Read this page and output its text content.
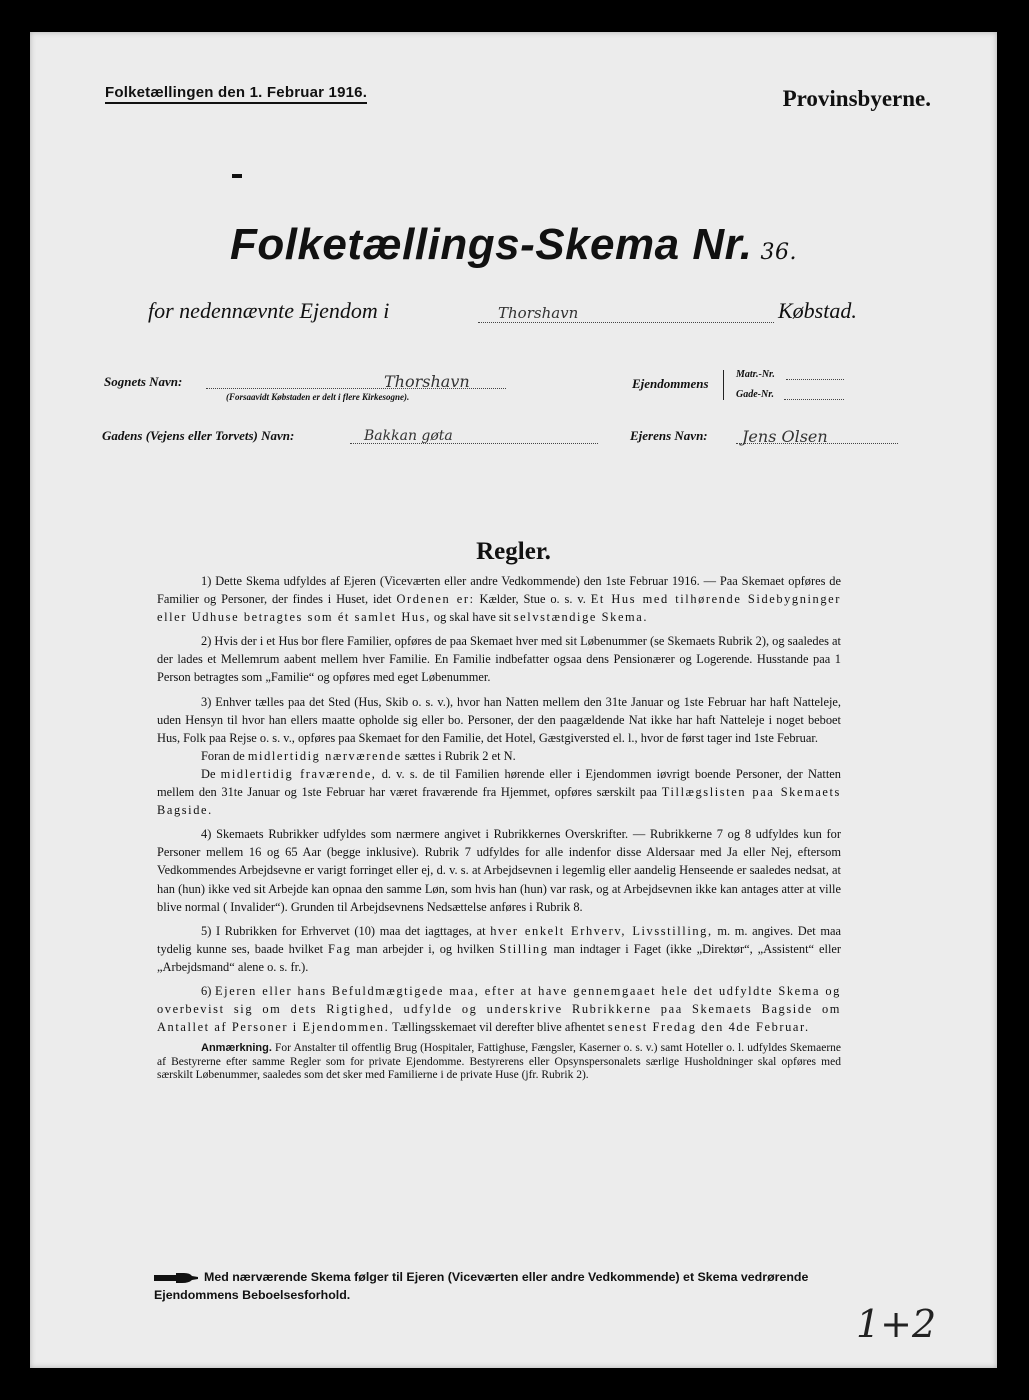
Folketællingen den 1. Februar 1916.	Provinsbyerne.
Folketællings-Skema Nr. 36.
for nedennævnte Ejendom i	Thorshavn	Købstad.
Sognets Navn:	Thorshavn
(Forsaavidt Købstaden er delt i flere Kirkesogne).
Ejendommens
Matr.-Nr.
Gade-Nr.
Gadens (Vejens eller Torvets) Navn:	Bakkan gøta	Ejerens Navn:	Jens Olsen
Regler.

1) Dette Skema udfyldes af Ejeren (Viceværten eller andre Vedkommende) den 1ste Februar 1916. — Paa Skemaet opføres de Familier og Personer, der findes i Huset, idet Ordenen er: Kælder, Stue o. s. v. Et Hus med tilhørende Sidebygninger eller Udhuse betragtes som ét samlet Hus, og skal have sit selvstændige Skema.

2) Hvis der i et Hus bor flere Familier, opføres de paa Skemaet hver med sit Løbenummer (se Skemaets Rubrik 2), og saaledes at der lades et Mellemrum aabent mellem hver Familie. En Familie indbefatter ogsaa dens Pensionærer og Logerende. Husstande paa 1 Person betragtes som „Familie“ og opføres med eget Løbenummer.

3) Enhver tælles paa det Sted (Hus, Skib o. s. v.), hvor han Natten mellem den 31te Januar og 1ste Februar har haft Natteleje, uden Hensyn til hvor han ellers maatte opholde sig eller bo. Personer, der den paagældende Nat ikke har haft Natteleje i noget beboet Hus, Folk paa Rejse o. s. v., opføres paa Skemaet for den Familie, det Hotel, Gæstgiversted el. l., hvor de først tager ind 1ste Februar.

Foran de midlertidig nærværende sættes i Rubrik 2 et N.

De midlertidig fraværende, d. v. s. de til Familien hørende eller i Ejendommen iøvrigt boende Personer, der Natten mellem den 31te Januar og 1ste Februar har været fraværende fra Hjemmet, opføres særskilt paa Tillægslisten paa Skemaets Bagside.

4) Skemaets Rubrikker udfyldes som nærmere angivet i Rubrikkernes Overskrifter. — Rubrikkerne 7 og 8 udfyldes kun for Personer mellem 16 og 65 Aar (begge inklusive). Rubrik 7 udfyldes for alle indenfor disse Aldersaar med Ja eller Nej, eftersom Vedkommendes Arbejdsevne er varigt forringet eller ej, d. v. s. at Arbejdsevnen i legemlig eller aandelig Henseende er saaledes nedsat, at han (hun) ikke ved sit Arbejde kan opnaa den samme Løn, som hvis han (hun) var rask, og at Arbejdsevnen ikke kan antages atter at ville blive normal ( Invalider“). Grunden til Arbejdsevnens Nedsættelse anføres i Rubrik 8.

5) I Rubrikken for Erhvervet (10) maa det iagttages, at hver enkelt Erhverv, Livsstilling, m. m. angives. Det maa tydelig kunne ses, baade hvilket Fag man arbejder i, og hvilken Stilling man indtager i Faget (ikke „Direktør“, „Assistent“ eller „Arbejdsmand“ alene o. s. fr.).

6) Ejeren eller hans Befuldmægtigede maa, efter at have gennemgaaet hele det udfyldte Skema og overbevist sig om dets Rigtighed, udfylde og underskrive Rubrikkerne paa Skemaets Bagside om Antallet af Personer i Ejendommen. Tællingsskemaet vil derefter blive afhentet senest Fredag den 4de Februar.

Anmærkning. For Anstalter til offentlig Brug (Hospitaler, Fattighuse, Fængsler, Kaserner o. s. v.) samt Hoteller o. l. udfyldes Skemaerne af Bestyrerne efter samme Regler som for private Ejendomme. Bestyrerens eller Opsynspersonalets særlige Husholdninger skal opføres med særskilt Løbenummer, saaledes som det sker med Familierne i de private Huse (jfr. Rubrik 2).

Med nærværende Skema følger til Ejeren (Viceværten eller andre Vedkommende) et Skema vedrørende Ejendommens Beboelsesforhold.
1+2
